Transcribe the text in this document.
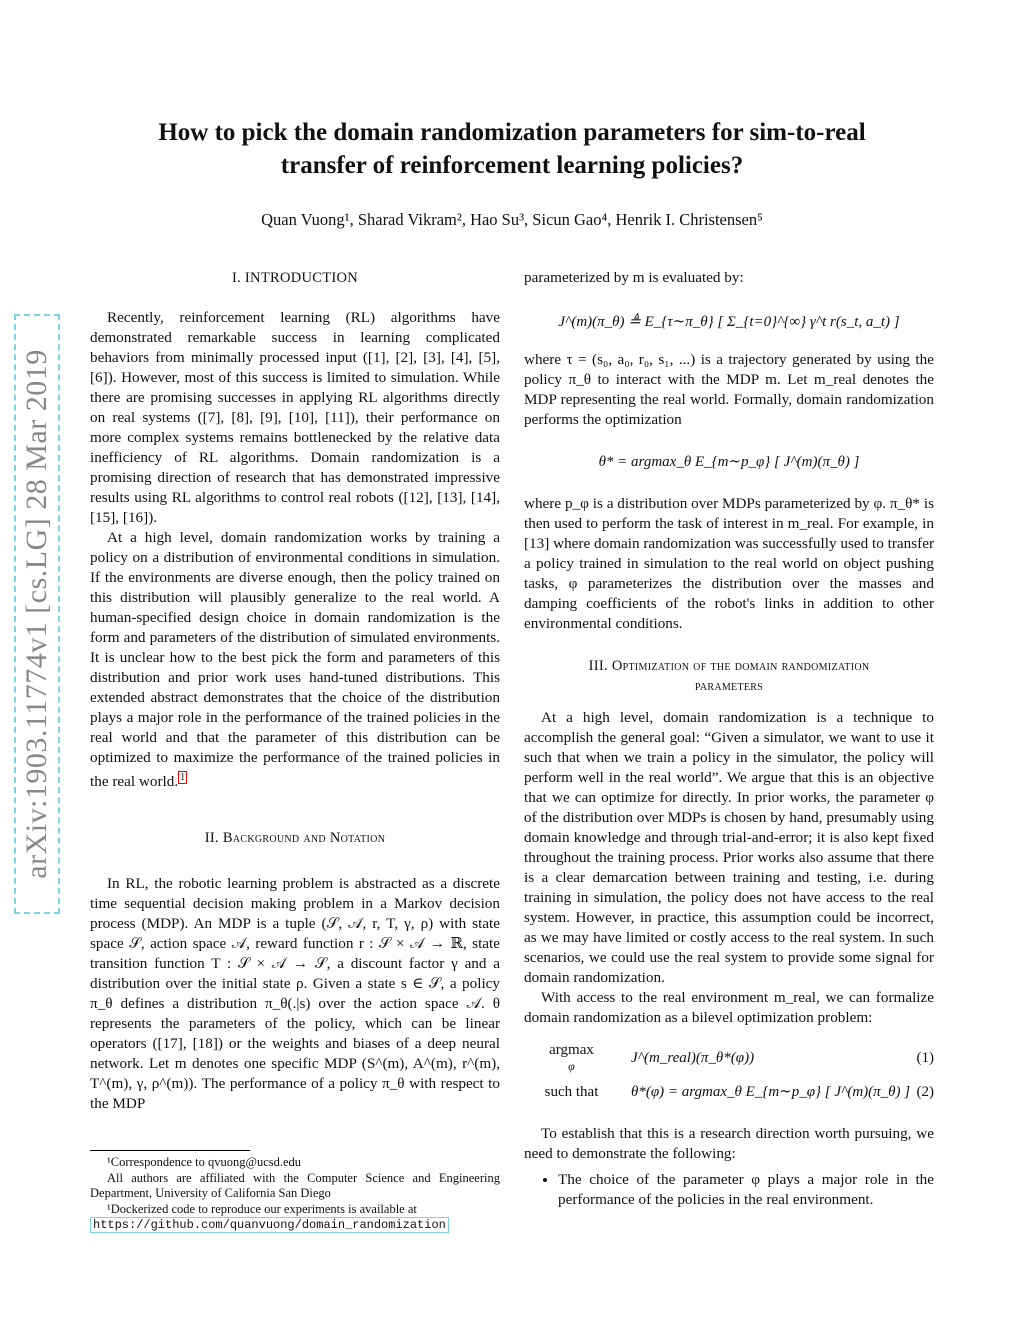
How to pick the domain randomization parameters for sim-to-real
transfer of reinforcement learning policies?
Quan Vuong¹, Sharad Vikram², Hao Su³, Sicun Gao⁴, Henrik I. Christensen⁵
arXiv:1903.11774v1 [cs.LG] 28 Mar 2019

I. INTRODUCTION

Recently, reinforcement learning (RL) algorithms have demonstrated remarkable success in learning complicated behaviors from minimally processed input ([1], [2], [3], [4], [5], [6]). However, most of this success is limited to simulation. While there are promising successes in applying RL algorithms directly on real systems ([7], [8], [9], [10], [11]), their performance on more complex systems remains bottlenecked by the relative data inefficiency of RL algorithms. Domain randomization is a promising direction of research that has demonstrated impressive results using RL algorithms to control real robots ([12], [13], [14], [15], [16]).

At a high level, domain randomization works by training a policy on a distribution of environmental conditions in simulation. If the environments are diverse enough, then the policy trained on this distribution will plausibly generalize to the real world. A human-specified design choice in domain randomization is the form and parameters of the distribution of simulated environments. It is unclear how to the best pick the form and parameters of this distribution and prior work uses hand-tuned distributions. This extended abstract demonstrates that the choice of the distribution plays a major role in the performance of the trained policies in the real world and that the parameter of this distribution can be optimized to maximize the performance of the trained policies in the real world. $^1$

II. Background and Notation

In RL, the robotic learning problem is abstracted as a discrete time sequential decision making problem in a Markov decision process (MDP). An MDP is a tuple (𝒮, 𝒜, r, T, γ, ρ) with state space 𝒮, action space 𝒜, reward function r : 𝒮 × 𝒜 → ℝ, state transition function T : 𝒮 × 𝒜 → 𝒮, a discount factor γ and a distribution over the initial state ρ. Given a state s ∈ 𝒮, a policy π_θ defines a distribution π_θ(.|s) over the action space 𝒜. θ represents the parameters of the policy, which can be linear operators ([17], [18]) or the weights and biases of a deep neural network. Let m denotes one specific MDP (S^(m), A^(m), r^(m), T^(m), γ, ρ^(m)). The performance of a policy π_θ with respect to the MDP

¹Correspondence to qvuong@ucsd.edu

All authors are affiliated with the Computer Science and Engineering Department, University of California San Diego

¹Dockerized code to reproduce our experiments is available at

https://github.com/quanvuong/domain_randomization

parameterized by m is evaluated by:

J^(m)(π_θ) ≜ E_{τ∼π_θ} [ Σ_{t=0}^{∞} γ^t r(s_t, a_t) ]

where τ = (s₀, a₀, r₀, s₁, ...) is a trajectory generated by using the policy π_θ to interact with the MDP m. Let m_real denotes the MDP representing the real world. Formally, domain randomization performs the optimization

θ* = argmax_θ E_{m∼p_φ} [ J^(m)(π_θ) ]

where p_φ is a distribution over MDPs parameterized by φ. π_θ* is then used to perform the task of interest in m_real. For example, in [13] where domain randomization was successfully used to transfer a policy trained in simulation to the real world on object pushing tasks, φ parameterizes the distribution over the masses and damping coefficients of the robot's links in addition to other environmental conditions.

III. Optimization of the domain randomization

parameters

At a high level, domain randomization is a technique to accomplish the general goal: “Given a simulator, we want to use it such that when we train a policy in the simulator, the policy will perform well in the real world”. We argue that this is an objective that we can optimize for directly. In prior works, the parameter φ of the distribution over MDPs is chosen by hand, presumably using domain knowledge and through trial-and-error; it is also kept fixed throughout the training process. Prior works also assume that there is a clear demarcation between training and testing, i.e. during training in simulation, the policy does not have access to the real system. However, in practice, this assumption could be incorrect, as we may have limited or costly access to the real system. In such scenarios, we could use the real system to provide some signal for domain randomization.

With access to the real environment m_real, we can formalize domain randomization as a bilevel optimization problem:

argmax
φ	J^(m_real)(π_θ*(φ))	(1)
such that	θ*(φ) = argmax_θ E_{m∼p_φ} [ J^(m)(π_θ) ] (2)

To establish that this is a research direction worth pursuing, we need to demonstrate the following:

• The choice of the parameter φ plays a major role in the performance of the policies in the real environment.
